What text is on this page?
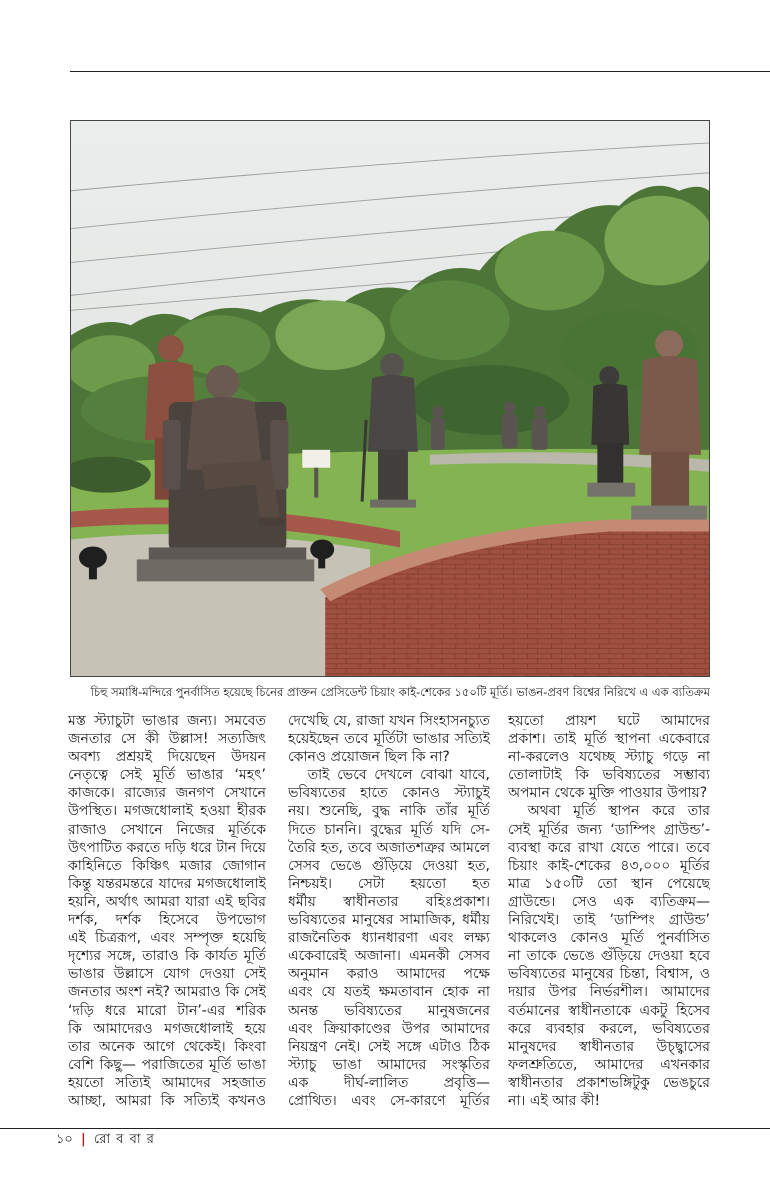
চিহু সমাধি-মন্দিরে পুনর্বাসিত হয়েছে চিনের প্রাক্তন প্রেসিডেন্ট চিয়াং কাই-শেকের ১৫০টি মূর্তি। ভাঙন-প্রবণ বিশ্বের নিরিখে এ এক ব্যতিক্রম
মস্ত স্ট্যাচুটা ভাঙার জন্য। সমবেত
জনতার সে কী উল্লাস! সত্যজিৎ
অবশ্য প্রশ্রয়ই দিয়েছেন উদয়ন
নেতৃত্বে সেই মূর্তি ভাঙার ‘মহৎ’
কাজকে। রাজ্যের জনগণ সেখানে
উপস্থিত। মগজধোলাই হওয়া হীরক
রাজাও সেখানে নিজের মূর্তিকে
উৎপাটিত করতে দড়ি ধরে টান দিয়ে
কাহিনিতে কিঞ্চিৎ মজার জোগান
কিন্তু যন্তরমন্তরে যাদের মগজধোলাই
হয়নি, অর্থাৎ আমরা যারা এই ছবির
দর্শক, দর্শক হিসেবে উপভোগ
এই চিত্ররূপ, এবং সম্পৃক্ত হয়েছি
দৃশ্যের সঙ্গে, তারাও কি কার্যত মূর্তি
ভাঙার উল্লাসে যোগ দেওয়া সেই
জনতার অংশ নই? আমরাও কি সেই
‘দড়ি ধরে মারো টান’-এর শরিক
কি আমাদেরও মগজধোলাই হয়ে
তার অনেক আগে থেকেই। কিংবা
বেশি কিছু— পরাজিতের মূর্তি ভাঙা
হয়তো সত্যিই আমাদের সহজাত
আচ্ছা, আমরা কি সত্যিই কখনও
দেখেছি যে, রাজা যখন সিংহাসনচ্যুত
হয়েইছেন তবে মূর্তিটা ভাঙার সত্যিই
কোনও প্রয়োজন ছিল কি না?
তাই ভেবে দেখলে বোঝা যাবে,
ভবিষ্যতের হাতে কোনও স্ট্যাচুই
নয়। শুনেছি, বুদ্ধ নাকি তাঁর মূর্তি
দিতে চাননি। বুদ্ধের মূর্তি যদি সে-
তৈরি হত, তবে অজাতশত্রুর আমলে
সেসব ভেঙে গুঁড়িয়ে দেওয়া হত,
নিশ্চয়ই। সেটা হয়তো হত
ধর্মীয় স্বাধীনতার বহিঃপ্রকাশ।
ভবিষ্যতের মানুষের সামাজিক, ধর্মীয়
রাজনৈতিক ধ্যানধারণা এবং লক্ষ্য
একেবারেই অজানা। এমনকী সেসব
অনুমান করাও আমাদের পক্ষে
এবং যে যতই ক্ষমতাবান হোক না
অনন্ত ভবিষ্যতের মানুষজনের
এবং ক্রিয়াকাণ্ডের উপর আমাদের
নিয়ন্ত্রণ নেই। সেই সঙ্গে এটাও ঠিক
স্ট্যাচু ভাঙা আমাদের সংস্কৃতির
এক দীর্ঘ-লালিত প্রবৃত্তি—
প্রোথিত। এবং সে-কারণে মূর্তির
হয়তো প্রায়শ ঘটে আমাদের
প্রকাশ। তাই মূর্তি স্থাপনা একেবারে
না-করলেও যথেচ্ছ স্ট্যাচু গড়ে না
তোলাটাই কি ভবিষ্যতের সম্ভাব্য
অপমান থেকে মুক্তি পাওয়ার উপায়?
অথবা মূর্তি স্থাপন করে তার
সেই মূর্তির জন্য ‘ডাম্পিং গ্রাউন্ড’-
ব্যবস্থা করে রাখা যেতে পারে। তবে
চিয়াং কাই-শেকের ৪৩,০০০ মূর্তির
মাত্র ১৫০টি তো স্থান পেয়েছে
গ্রাউন্ডে। সেও এক ব্যতিক্রম—
নিরিখেই। তাই ‘ডাম্পিং গ্রাউন্ড’
থাকলেও কোনও মূর্তি পুনর্বাসিত
না তাকে ভেঙে গুঁড়িয়ে দেওয়া হবে
ভবিষ্যতের মানুষের চিন্তা, বিশ্বাস, ও
দয়ার উপর নির্ভরশীল। আমাদের
বর্তমানের স্বাধীনতাকে একটু হিসেব
করে ব্যবহার করলে, ভবিষ্যতের
মানুষদের স্বাধীনতার উচ্ছ্বাসের
ফলশ্রুতিতে, আমাদের এখনকার
স্বাধীনতার প্রকাশভঙ্গিটুকু ভেঙচুরে
না। এই আর কী!
১০ | রো ব বা র
